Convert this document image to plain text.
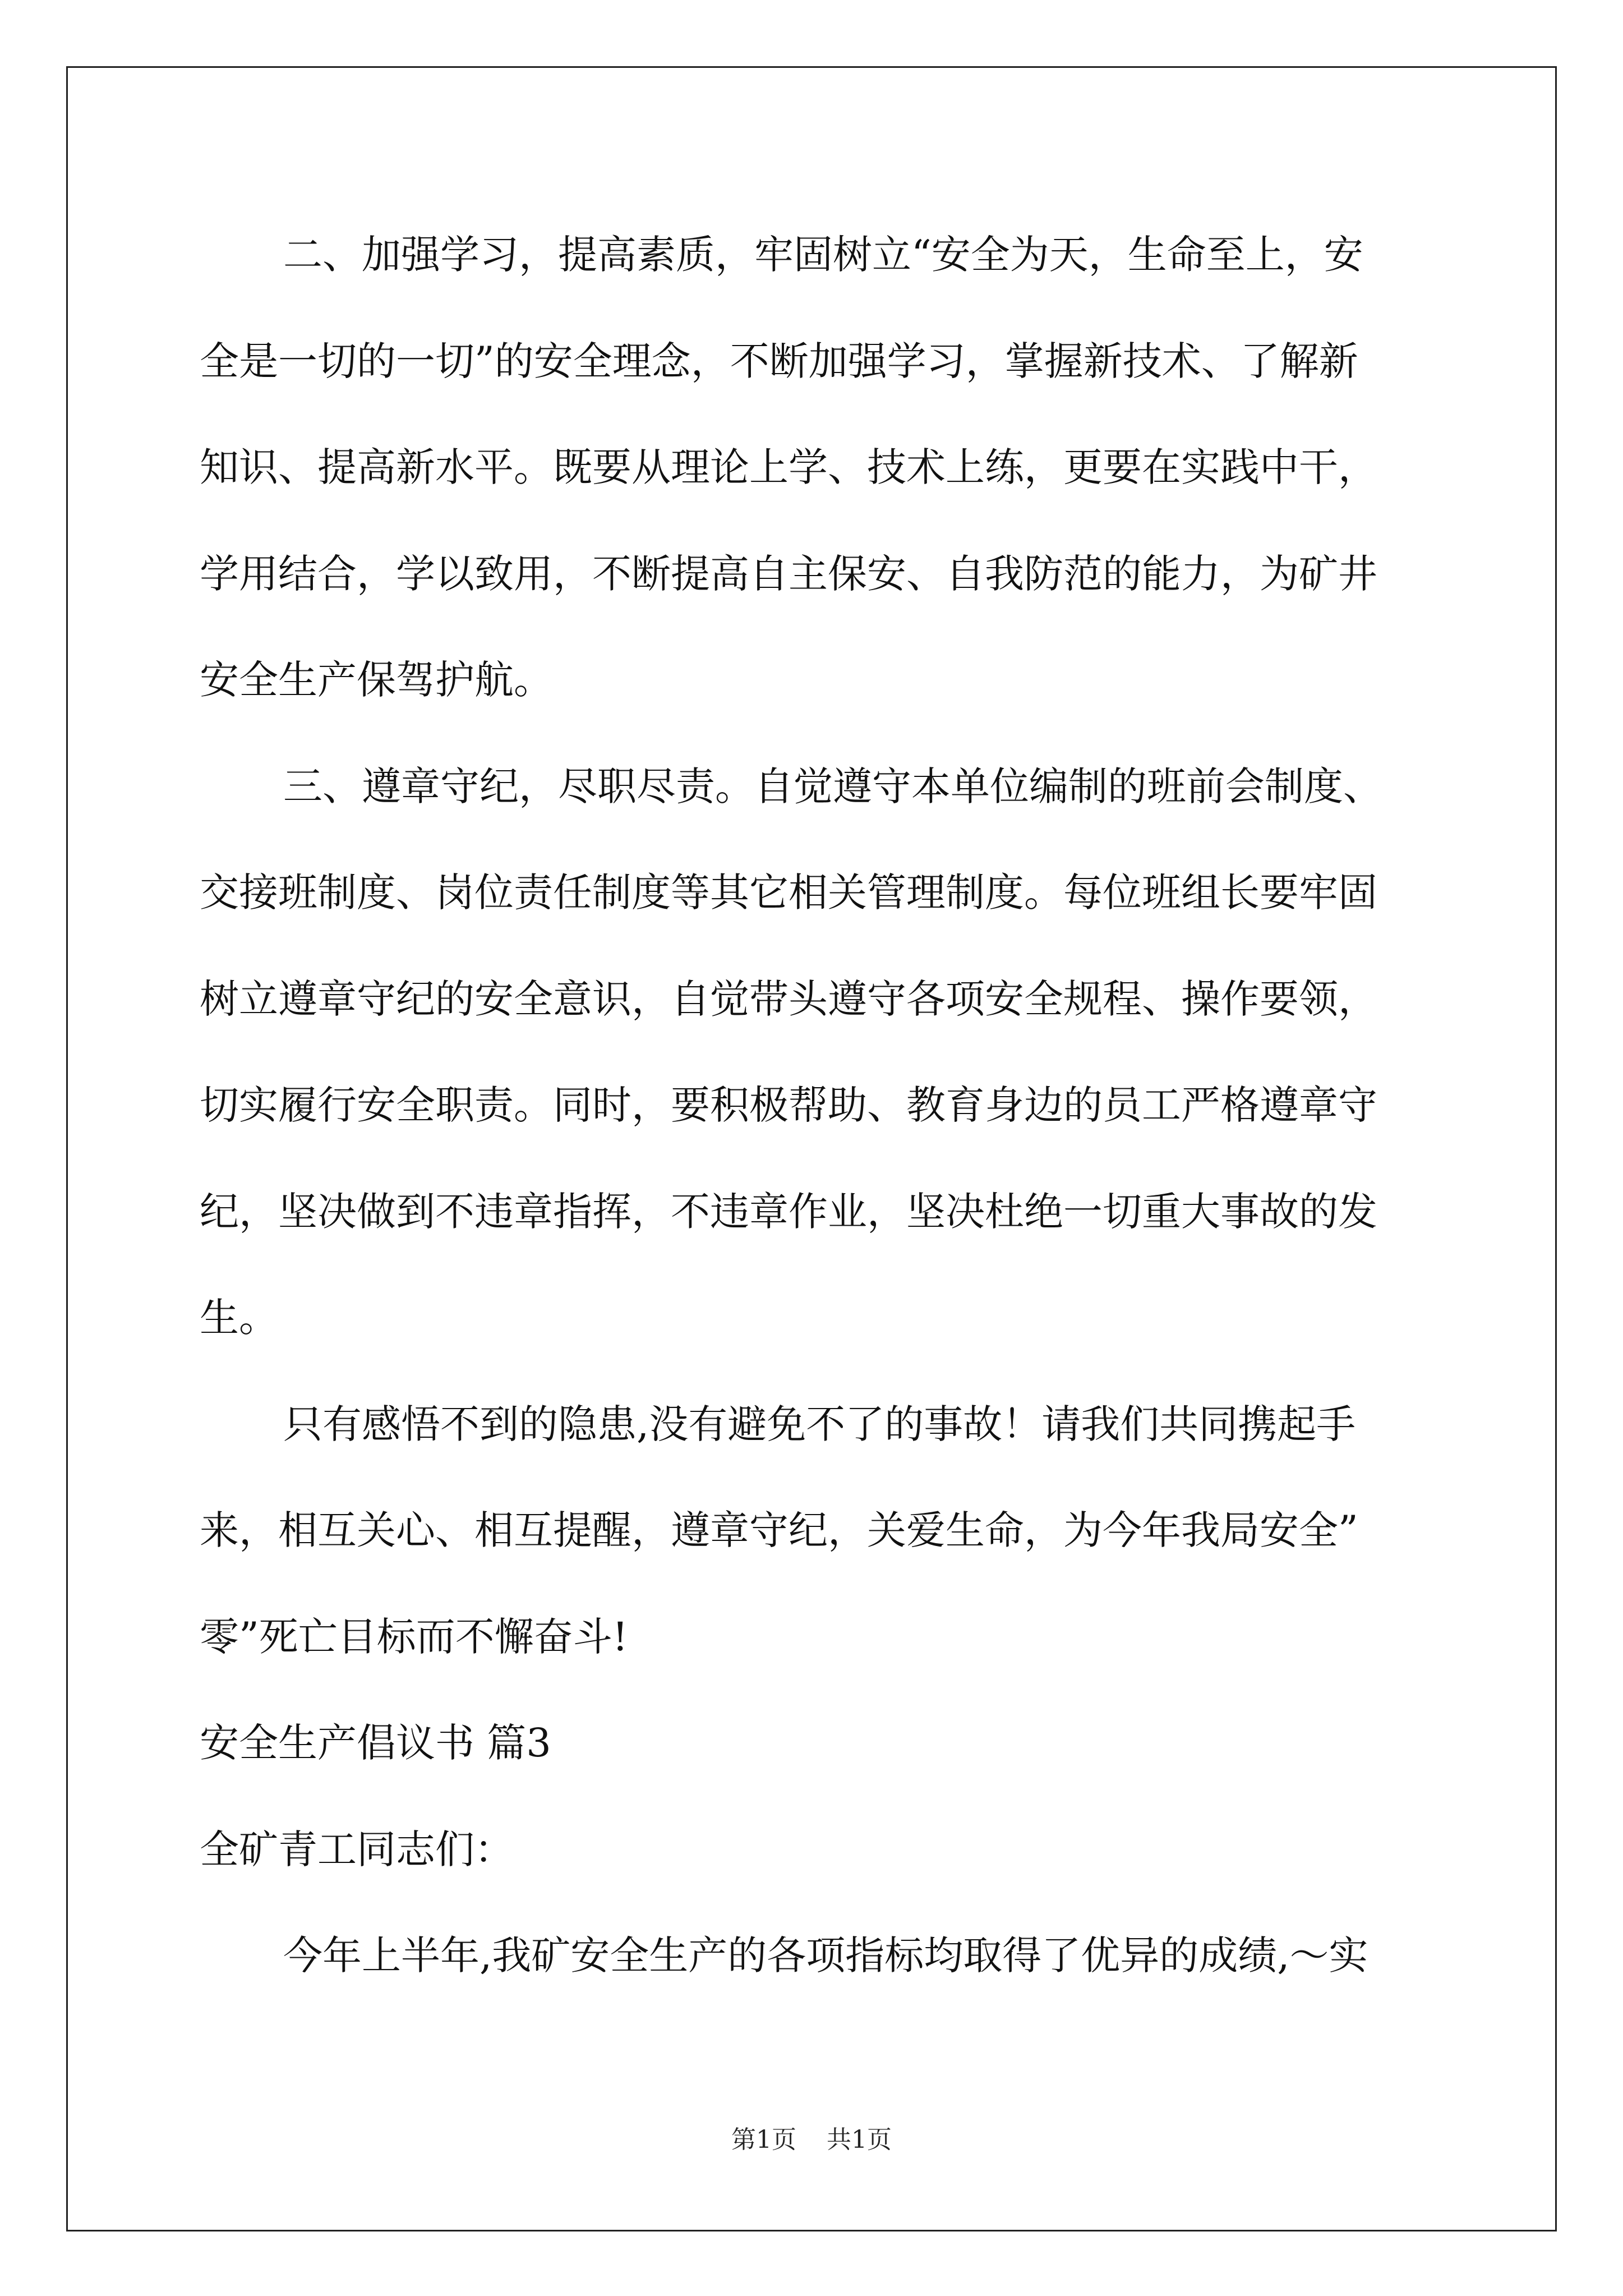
二、加强学习，提高素质，牢固树立“安全为天，生命至上，安
全是一切的一切”的安全理念，不断加强学习，掌握新技术、了解新
知识、提高新水平。既要从理论上学、技术上练，更要在实践中干，
学用结合，学以致用，不断提高自主保安、自我防范的能力，为矿井
安全生产保驾护航。
三、遵章守纪，尽职尽责。自觉遵守本单位编制的班前会制度、
交接班制度、岗位责任制度等其它相关管理制度。每位班组长要牢固
树立遵章守纪的安全意识，自觉带头遵守各项安全规程、操作要领，
切实履行安全职责。同时，要积极帮助、教育身边的员工严格遵章守
纪，坚决做到不违章指挥，不违章作业，坚决杜绝一切重大事故的发
生。
只有感悟不到的隐患,没有避免不了的事故！请我们共同携起手
来，相互关心、相互提醒，遵章守纪，关爱生命，为今年我局安全”
零”死亡目标而不懈奋斗!
安全生产倡议书 篇3
全矿青工同志们：
今年上半年,我矿安全生产的各项指标均取得了优异的成绩,～实
第1页 共1页
